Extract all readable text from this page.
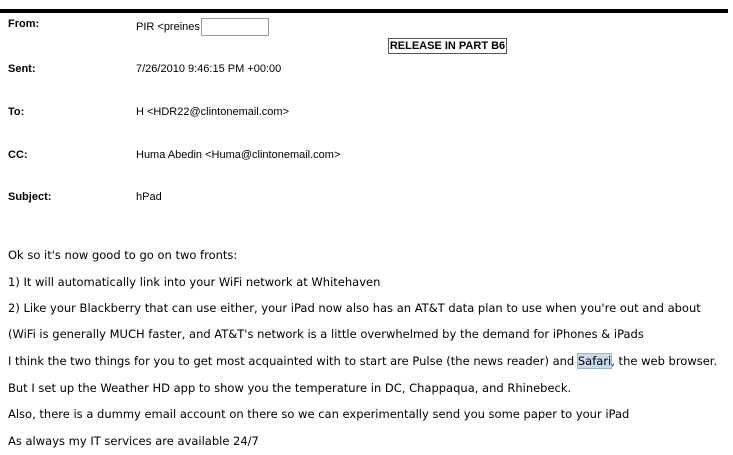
From:	PIR <preines
RELEASE IN PART B6
Sent:	7/26/2010 9:46:15 PM +00:00
To:	H <HDR22@clintonemail.com>
CC:	Huma Abedin <Huma@clintonemail.com>
Subject:	hPad
Ok so it's now good to go on two fronts:
1) It will automatically link into your WiFi network at Whitehaven
2) Like your Blackberry that can use either, your iPad now also has an AT&T data plan to use when you're out and about
(WiFi is generally MUCH faster, and AT&T's network is a little overwhelmed by the demand for iPhones & iPads
I think the two things for you to get most acquainted with to start are Pulse (the news reader) and Safari, the web browser.
But I set up the Weather HD app to show you the temperature in DC, Chappaqua, and Rhinebeck.
Also, there is a dummy email account on there so we can experimentally send you some paper to your iPad
As always my IT services are available 24/7
